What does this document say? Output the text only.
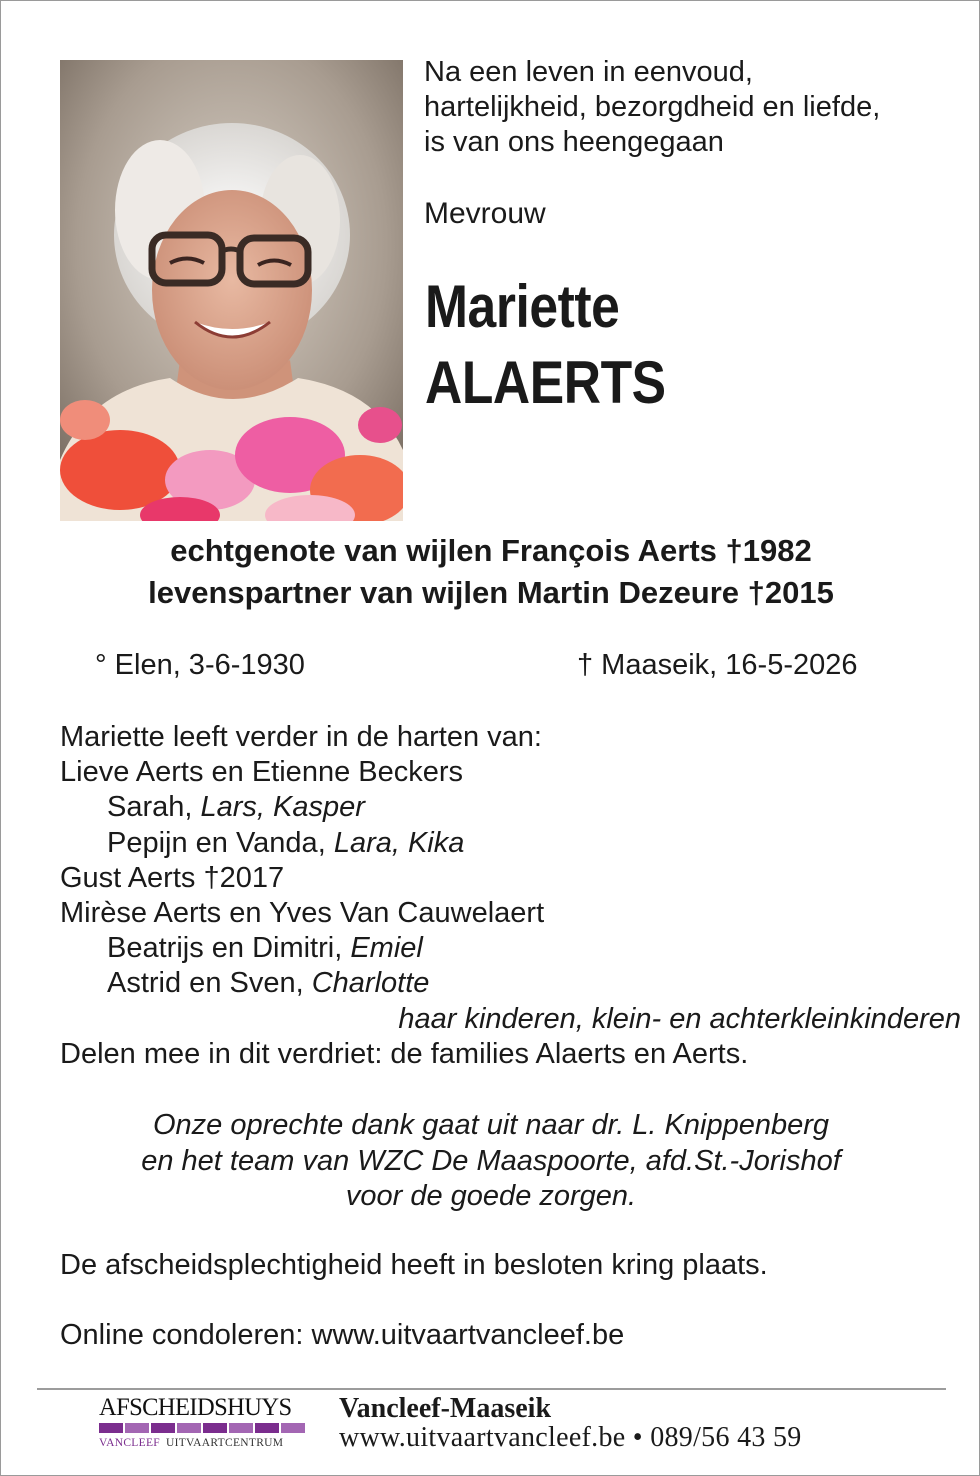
Na een leven in eenvoud,
hartelijkheid, bezorgdheid en liefde,
is van ons heengegaan
Mevrouw
Mariette
ALAERTS
echtgenote van wijlen François Aerts †1982
levenspartner van wijlen Martin Dezeure †2015
° Elen, 3-6-1930	† Maaseik, 16-5-2026
Mariette leeft verder in de harten van:
Lieve Aerts en Etienne Beckers
Sarah, Lars, Kasper
Pepijn en Vanda, Lara, Kika
Gust Aerts †2017
Mirèse Aerts en Yves Van Cauwelaert
Beatrijs en Dimitri, Emiel
Astrid en Sven, Charlotte
haar kinderen, klein- en achterkleinkinderen
Delen mee in dit verdriet: de families Alaerts en Aerts.
Onze oprechte dank gaat uit naar dr. L. Knippenberg
en het team van WZC De Maaspoorte, afd.St.-Jorishof
voor de goede zorgen.
De afscheidsplechtigheid heeft in besloten kring plaats.
Online condoleren: www.uitvaartvancleef.be
AFSCHEIDSHUYS
VANCLEEF UITVAARTCENTRUM
Vancleef-Maaseik
www.uitvaartvancleef.be • 089/56 43 59
